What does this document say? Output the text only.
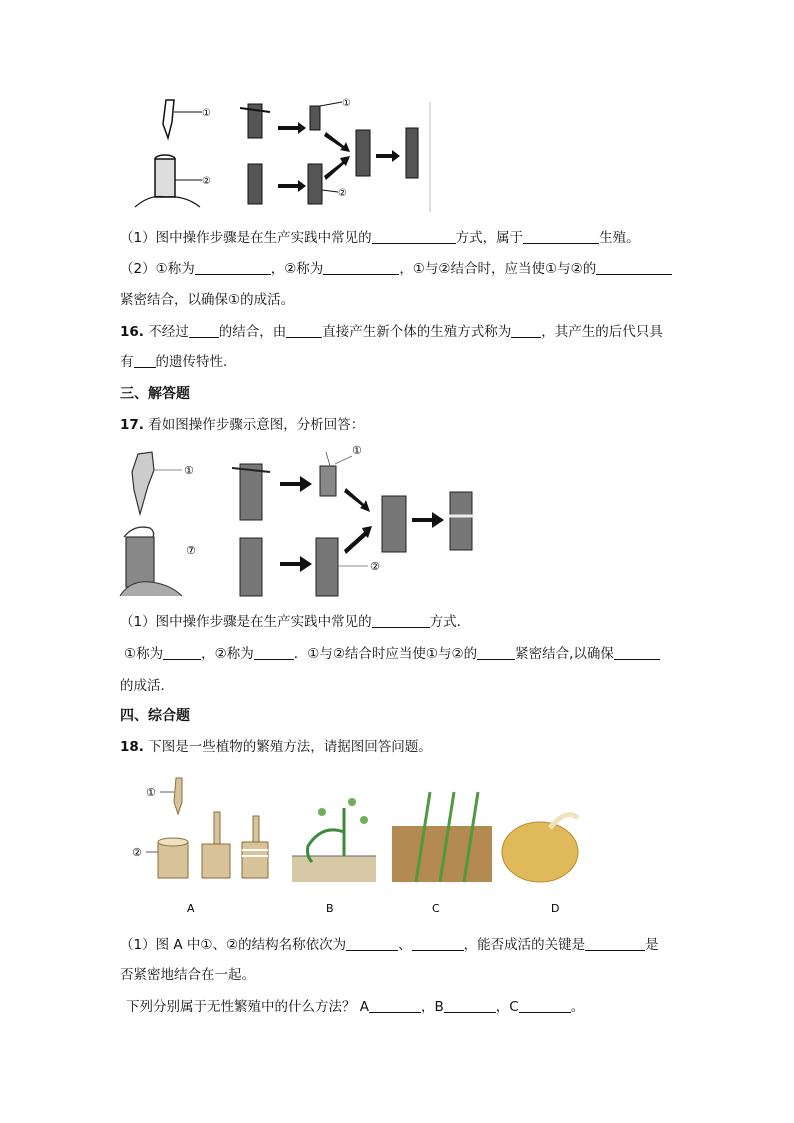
①
②
①
②
（1）图中操作步骤是在生产实践中常见的	方式，属于	生殖。
（2）①称为	，②称为	，①与②结合时，应当使①与②的
紧密结合，以确保①的成活。
16. 不经过 的结合，由	直接产生新个体的生殖方式称为 ，其产生的后代只具
有 的遗传特性．
三、解答题
17. 看如图操作步骤示意图，分析回答：
①
⑦
①
②
（1）图中操作步骤是在生产实践中常见的	方式．
①称为	，②称为	．①与②结合时应当使①与②的	紧密结合,以确保
的成活．
四、综合题
18. 下图是一些植物的繁殖方法，请据图回答问题。
①
②
A	B	C	D
（1）图 A 中①、②的结构名称依次为	、	，能否成活的关键是	是
否紧密地结合在一起。
下列分别属于无性繁殖中的什么方法？ A	，B	，C	。
